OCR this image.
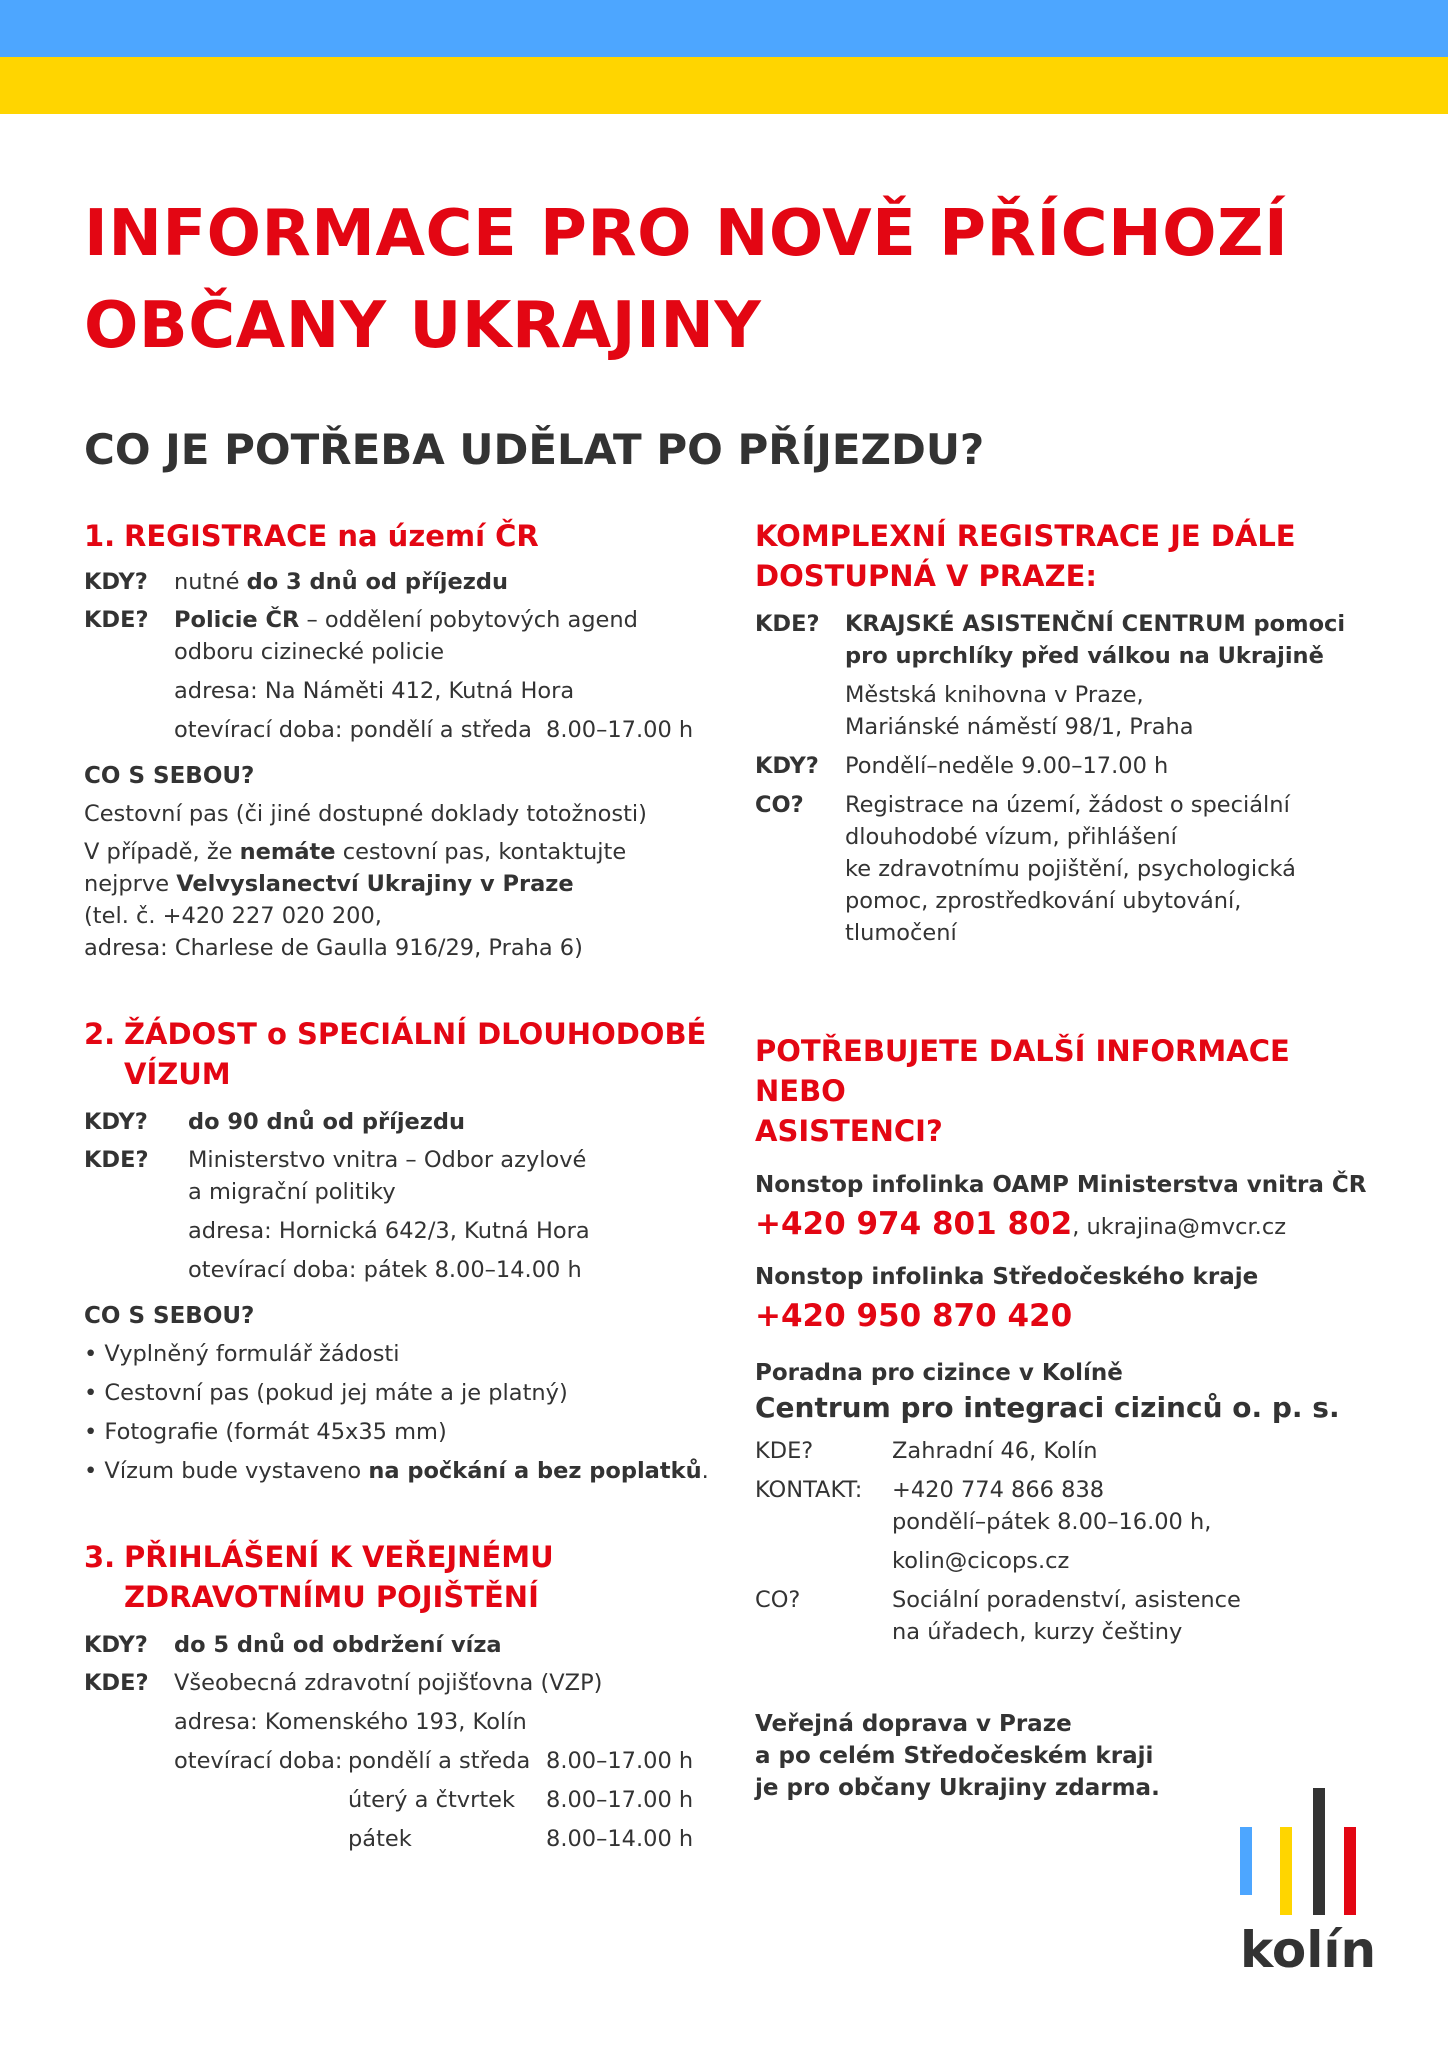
INFORMACE PRO NOVĚ PŘÍCHOZÍ
OBČANY UKRAJINY
CO JE POTŘEBA UDĚLAT PO PŘÍJEZDU?
1. REGISTRACE na území ČR
KDY?	nutné do 3 dnů od příjezdu
KDE?	Policie ČR – oddělení pobytových agend
odboru cizinecké policie
adresa: Na Náměti 412, Kutná Hora
otevírací doba: pondělí a středa 8.00–17.00 h
CO S SEBOU?
Cestovní pas (či jiné dostupné doklady totožnosti)
V případě, že nemáte cestovní pas, kontaktujte
nejprve Velvyslanectví Ukrajiny v Praze
(tel. č. +420 227 020 200,
adresa: Charlese de Gaulla 916/29, Praha 6)
2. ŽÁDOST o SPECIÁLNÍ DLOUHODOBÉ
VÍZUM
KDY?	do 90 dnů od příjezdu
KDE?	Ministerstvo vnitra – Odbor azylové
a migrační politiky
adresa: Hornická 642/3, Kutná Hora
otevírací doba: pátek 8.00–14.00 h
CO S SEBOU?
• Vyplněný formulář žádosti
• Cestovní pas (pokud jej máte a je platný)
• Fotografie (formát 45x35 mm)
• Vízum bude vystaveno na počkání a bez poplatků.
3. PŘIHLÁŠENÍ K VEŘEJNÉMU
ZDRAVOTNÍMU POJIŠTĚNÍ
KDY?	do 5 dnů od obdržení víza
KDE?	Všeobecná zdravotní pojišťovna (VZP)
adresa: Komenského 193, Kolín
otevírací doba: pondělí a středa 8.00–17.00 h
úterý a čtvrtek	8.00–17.00 h
pátek	8.00–14.00 h
KOMPLEXNÍ REGISTRACE JE DÁLE
DOSTUPNÁ V PRAZE:
KDE?	KRAJSKÉ ASISTENČNÍ CENTRUM pomoci
pro uprchlíky před válkou na Ukrajině
Městská knihovna v Praze,
Mariánské náměstí 98/1, Praha
KDY?	Pondělí–neděle 9.00–17.00 h
CO?	Registrace na území, žádost o speciální
dlouhodobé vízum, přihlášení
ke zdravotnímu pojištění, psychologická
pomoc, zprostředkování ubytování,
tlumočení
POTŘEBUJETE DALŠÍ INFORMACE NEBO
ASISTENCI?
Nonstop infolinka OAMP Ministerstva vnitra ČR
+420 974 801 802, ukrajina@mvcr.cz
Nonstop infolinka Středočeského kraje
+420 950 870 420
Poradna pro cizince v Kolíně
Centrum pro integraci cizinců o. p. s.
KDE?	Zahradní 46, Kolín
KONTAKT:	+420 774 866 838
pondělí–pátek 8.00–16.00 h,
kolin@cicops.cz
CO?	Sociální poradenství, asistence
na úřadech, kurzy češtiny
Veřejná doprava v Praze
a po celém Středočeském kraji
je pro občany Ukrajiny zdarma.
kolín
